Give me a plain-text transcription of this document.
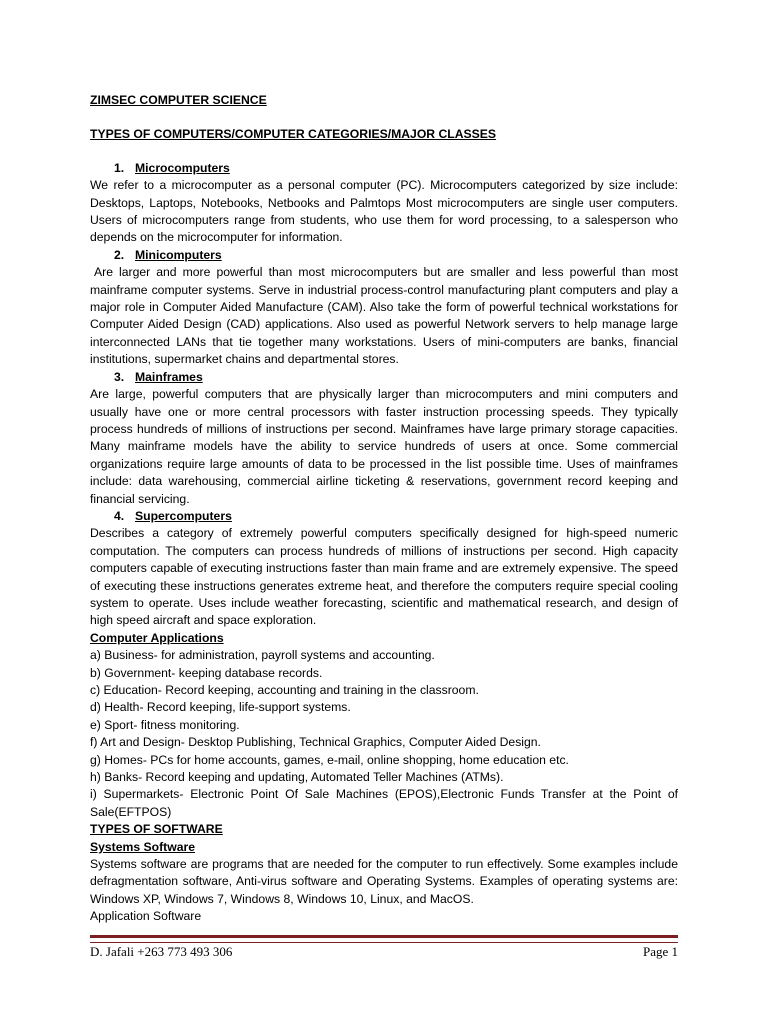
ZIMSEC COMPUTER SCIENCE
TYPES OF COMPUTERS/COMPUTER CATEGORIES/MAJOR CLASSES
1. Microcomputers

We refer to a microcomputer as a personal computer (PC). Microcomputers categorized by size include: Desktops, Laptops, Notebooks, Netbooks and Palmtops Most microcomputers are single user computers. Users of microcomputers range from students, who use them for word processing, to a salesperson who depends on the microcomputer for information.

2. Minicomputers

Are larger and more powerful than most microcomputers but are smaller and less powerful than most mainframe computer systems. Serve in industrial process-control manufacturing plant computers and play a major role in Computer Aided Manufacture (CAM). Also take the form of powerful technical workstations for Computer Aided Design (CAD) applications. Also used as powerful Network servers to help manage large interconnected LANs that tie together many workstations. Users of mini-computers are banks, financial institutions, supermarket chains and departmental stores.

3. Mainframes

Are large, powerful computers that are physically larger than microcomputers and mini computers and usually have one or more central processors with faster instruction processing speeds. They typically process hundreds of millions of instructions per second. Mainframes have large primary storage capacities. Many mainframe models have the ability to service hundreds of users at once. Some commercial organizations require large amounts of data to be processed in the list possible time. Uses of mainframes include: data warehousing, commercial airline ticketing & reservations, government record keeping and financial servicing.

4. Supercomputers

Describes a category of extremely powerful computers specifically designed for high-speed numeric computation. The computers can process hundreds of millions of instructions per second. High capacity computers capable of executing instructions faster than main frame and are extremely expensive. The speed of executing these instructions generates extreme heat, and therefore the computers require special cooling system to operate. Uses include weather forecasting, scientific and mathematical research, and design of high speed aircraft and space exploration.

Computer Applications
a) Business- for administration, payroll systems and accounting.
b) Government- keeping database records.
c) Education- Record keeping, accounting and training in the classroom.
d) Health- Record keeping, life-support systems.
e) Sport- fitness monitoring.
f) Art and Design- Desktop Publishing, Technical Graphics, Computer Aided Design.
g) Homes- PCs for home accounts, games, e-mail, online shopping, home education etc.
h) Banks- Record keeping and updating, Automated Teller Machines (ATMs).
i) Supermarkets- Electronic Point Of Sale Machines (EPOS),Electronic Funds Transfer at the Point of Sale(EFTPOS)
TYPES OF SOFTWARE
Systems Software

Systems software are programs that are needed for the computer to run effectively. Some examples include defragmentation software, Anti-virus software and Operating Systems. Examples of operating systems are: Windows XP, Windows 7, Windows 8, Windows 10, Linux, and MacOS.

Application Software
D. Jafali +263 773 493 306	Page 1
